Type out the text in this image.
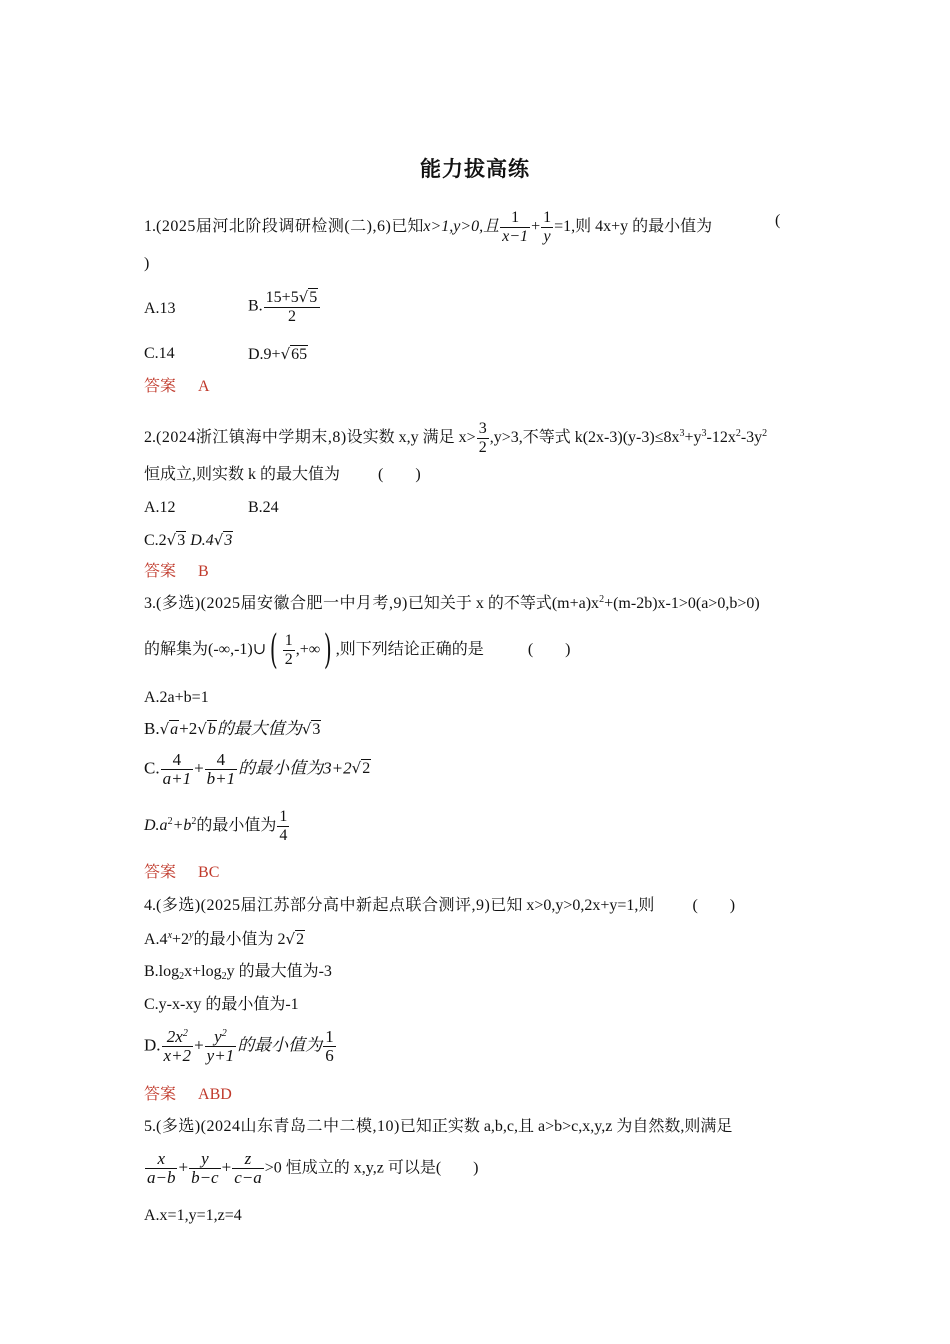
能力拔高练
1.(2025届河北阶段调研检测(二),6)已知x>1,y>0,且 $\frac{1}{x-1} + \frac{1}{y} =1$,则 4x+y 的最小值为	(
)
A.13	B. $\frac{15+5√5}{2}$
C.14	D.9+√65
答案 A
2.(2024浙江镇海中学期末,8)设实数 x,y 满足 $x> \frac{3}{2} ,y>3$,不等式 $k(2x-3)(y-3)\le 8x^3+y^3-12x^2-3y^2$
恒成立,则实数 k 的最大值为 (　　)
A.12	B.24
C.2√3 D.4√3
答案 B
3.(多选)(2025届安徽合肥一中月考,9)已知关于 x 的不等式$(m+a)x^2+(m-2b)x-1>0(a>0,b>0)$
的解集为(-∞,-1)∪( $\frac{1}{2}$ ,+∞) ,则下列结论正确的是	(　　)
A.2a+b=1
B.√a+2√b的最大值为√3
C. $\frac{4}{a+1} + \frac{4}{b+1}$ 的最小值为3+2√2
$D.a^2+b^2$的最小值为 $\frac{1}{4}$
答案 BC
4.(多选)(2025届江苏部分高中新起点联合测评,9)已知 x>0,y>0,2x+y=1,则 (　　)
$A.4^x+2^y$的最小值为 2√2
$B.\log_2x+\log_2y$ 的最大值为-3
C.y-x-xy 的最小值为-1
D. $\frac{2x^2}{x+2} + \frac{y^2}{y+1}$ 的最小值为 $\frac{1}{6}$
答案 ABD
5.(多选)(2024山东青岛二中二模,10)已知正实数 a,b,c,且 a>b>c,x,y,z 为自然数,则满足
$\frac{x}{a-b} + \frac{y}{b-c} + \frac{z}{c-a} >0$ 恒成立的 x,y,z 可以是(　　)
A.x=1,y=1,z=4
